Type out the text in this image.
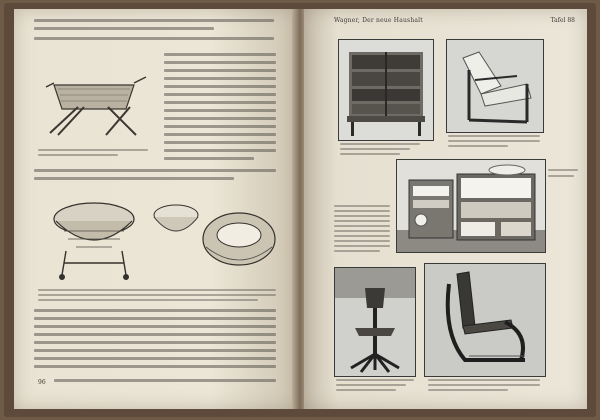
96
Wagner, Der neue Haushalt	Tafel 88
